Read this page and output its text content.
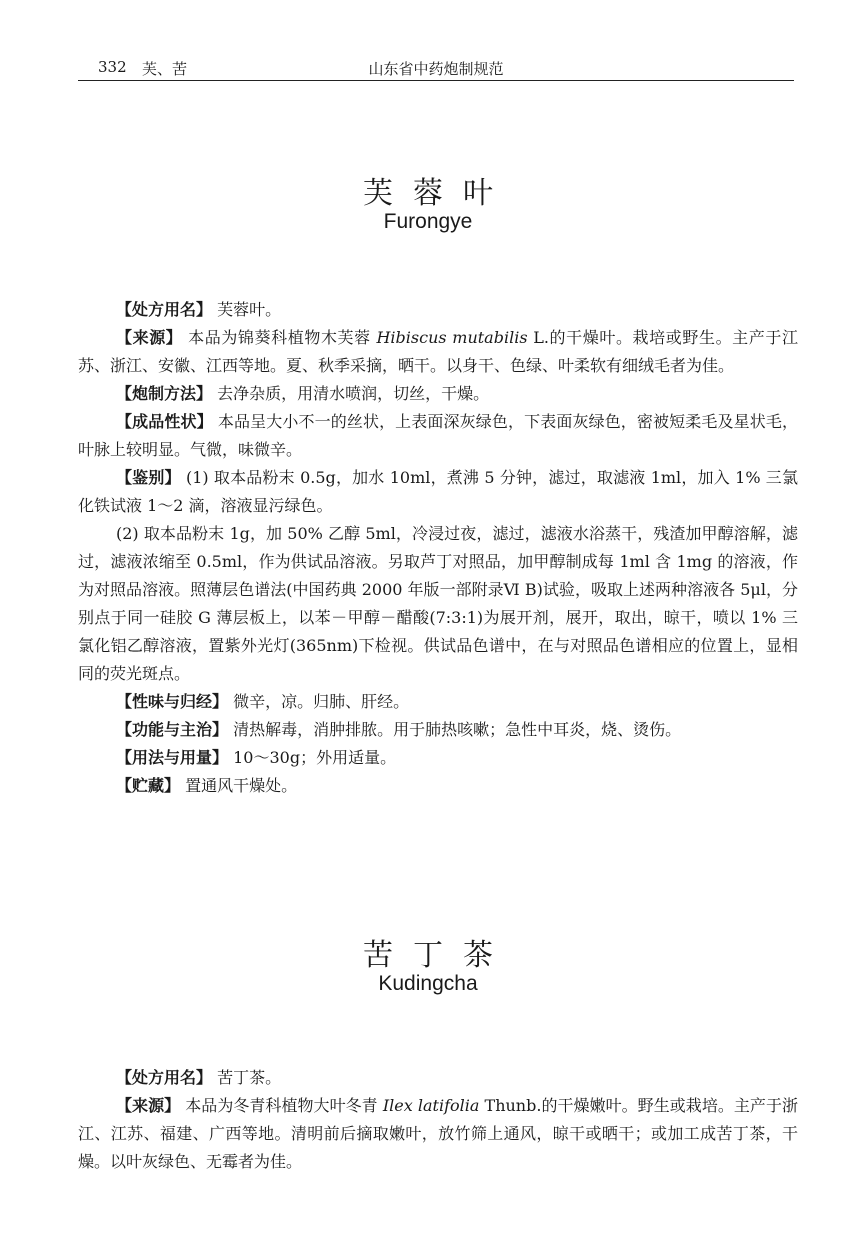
332 芙、苦	山东省中药炮制规范
芙蓉叶
Furongye

【处方用名】 芙蓉叶。

【来源】 本品为锦葵科植物木芙蓉 Hibiscus mutabilis L.的干燥叶。栽培或野生。主产于江苏、浙江、安徽、江西等地。夏、秋季采摘，晒干。以身干、色绿、叶柔软有细绒毛者为佳。

【炮制方法】 去净杂质，用清水喷润，切丝，干燥。

【成品性状】 本品呈大小不一的丝状，上表面深灰绿色，下表面灰绿色，密被短柔毛及星状毛，叶脉上较明显。气微，味微辛。

【鉴别】 (1) 取本品粉末 0.5g，加水 10ml，煮沸 5 分钟，滤过，取滤液 1ml，加入 1% 三氯化铁试液 1～2 滴，溶液显污绿色。

(2) 取本品粉末 1g，加 50% 乙醇 5ml，冷浸过夜，滤过，滤液水浴蒸干，残渣加甲醇溶解，滤过，滤液浓缩至 0.5ml，作为供试品溶液。另取芦丁对照品，加甲醇制成每 1ml 含 1mg 的溶液，作为对照品溶液。照薄层色谱法(中国药典 2000 年版一部附录Ⅵ B)试验，吸取上述两种溶液各 5μl，分别点于同一硅胶 G 薄层板上，以苯－甲醇－醋酸(7:3:1)为展开剂，展开，取出，晾干，喷以 1% 三氯化铝乙醇溶液，置紫外光灯(365nm)下检视。供试品色谱中，在与对照品色谱相应的位置上，显相同的荧光斑点。

【性味与归经】 微辛，凉。归肺、肝经。

【功能与主治】 清热解毒，消肿排脓。用于肺热咳嗽；急性中耳炎，烧、烫伤。

【用法与用量】 10～30g；外用适量。

【贮藏】 置通风干燥处。

苦丁茶
Kudingcha

【处方用名】 苦丁茶。

【来源】 本品为冬青科植物大叶冬青 Ilex latifolia Thunb.的干燥嫩叶。野生或栽培。主产于浙江、江苏、福建、广西等地。清明前后摘取嫩叶，放竹筛上通风，晾干或晒干；或加工成苦丁茶，干燥。以叶灰绿色、无霉者为佳。
